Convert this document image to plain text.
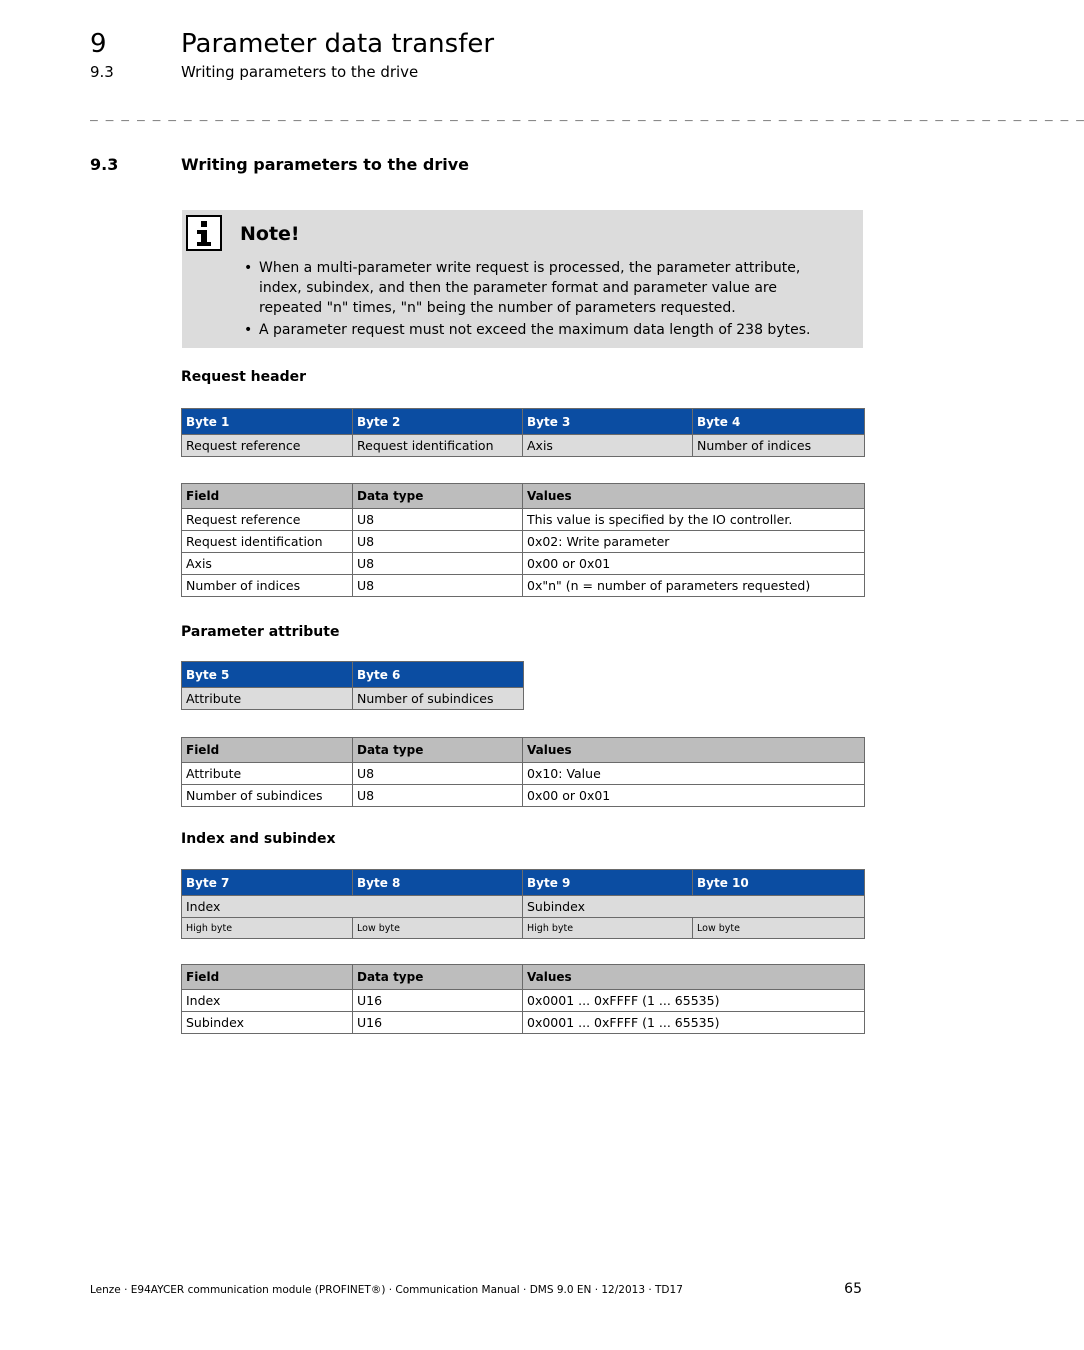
9	Parameter data transfer
9.3	Writing parameters to the drive
_ _ _ _ _ _ _ _ _ _ _ _ _ _ _ _ _ _ _ _ _ _ _ _ _ _ _ _ _ _ _ _ _ _ _ _ _ _ _ _ _ _ _ _ _ _ _ _ _ _ _ _ _ _ _ _ _ _ _ _ _ _ _ _
9.3	Writing parameters to the drive
Note!
• When a multi-parameter write request is processed, the parameter attribute, index, subindex, and then the parameter format and parameter value are repeated "n" times, "n" being the number of parameters requested.
• A parameter request must not exceed the maximum data length of 238 bytes.
Request header
Byte 1	Byte 2	Byte 3	Byte 4
Request reference	Request identification	Axis	Number of indices
Field	Data type	Values
Request reference	U8	This value is specified by the IO controller.
Request identification	U8	0x02: Write parameter
Axis	U8	0x00 or 0x01
Number of indices	U8	0x"n" (n = number of parameters requested)
Parameter attribute
Byte 5	Byte 6
Attribute	Number of subindices
Field	Data type	Values
Attribute	U8	0x10: Value
Number of subindices	U8	0x00 or 0x01
Index and subindex
Byte 7	Byte 8	Byte 9	Byte 10
Index		Subindex	
High byte	Low byte	High byte	Low byte
Field	Data type	Values
Index	U16	0x0001 ... 0xFFFF (1 ... 65535)
Subindex	U16	0x0001 ... 0xFFFF (1 ... 65535)
Lenze · E94AYCER communication module (PROFINET®) · Communication Manual · DMS 9.0 EN · 12/2013 · TD17	65
